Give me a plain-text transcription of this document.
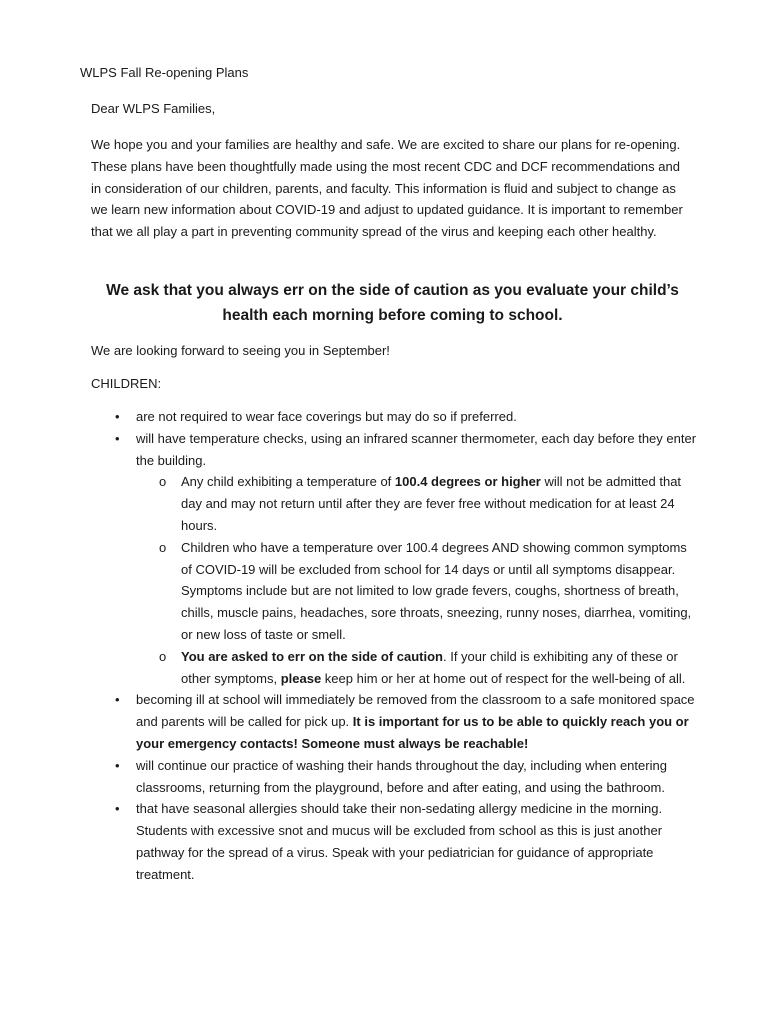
WLPS Fall Re-opening Plans
Dear WLPS Families,
We hope you and your families are healthy and safe. We are excited to share our plans for re-opening. These plans have been thoughtfully made using the most recent CDC and DCF recommendations and in consideration of our children, parents, and faculty. This information is fluid and subject to change as we learn new information about COVID-19 and adjust to updated guidance. It is important to remember that we all play a part in preventing community spread of the virus and keeping each other healthy.
We ask that you always err on the side of caution as you evaluate your child’s health each morning before coming to school.
We are looking forward to seeing you in September!
CHILDREN:
• are not required to wear face coverings but may do so if preferred.
• will have temperature checks, using an infrared scanner thermometer, each day before they enter the building.
o Any child exhibiting a temperature of 100.4 degrees or higher will not be admitted that day and may not return until after they are fever free without medication for at least 24 hours.
o Children who have a temperature over 100.4 degrees AND showing common symptoms of COVID-19 will be excluded from school for 14 days or until all symptoms disappear. Symptoms include but are not limited to low grade fevers, coughs, shortness of breath, chills, muscle pains, headaches, sore throats, sneezing, runny noses, diarrhea, vomiting, or new loss of taste or smell.
o You are asked to err on the side of caution. If your child is exhibiting any of these or other symptoms, please keep him or her at home out of respect for the well-being of all.
• becoming ill at school will immediately be removed from the classroom to a safe monitored space and parents will be called for pick up. It is important for us to be able to quickly reach you or your emergency contacts! Someone must always be reachable!
• will continue our practice of washing their hands throughout the day, including when entering classrooms, returning from the playground, before and after eating, and using the bathroom.
• that have seasonal allergies should take their non-sedating allergy medicine in the morning. Students with excessive snot and mucus will be excluded from school as this is just another pathway for the spread of a virus. Speak with your pediatrician for guidance of appropriate treatment.
